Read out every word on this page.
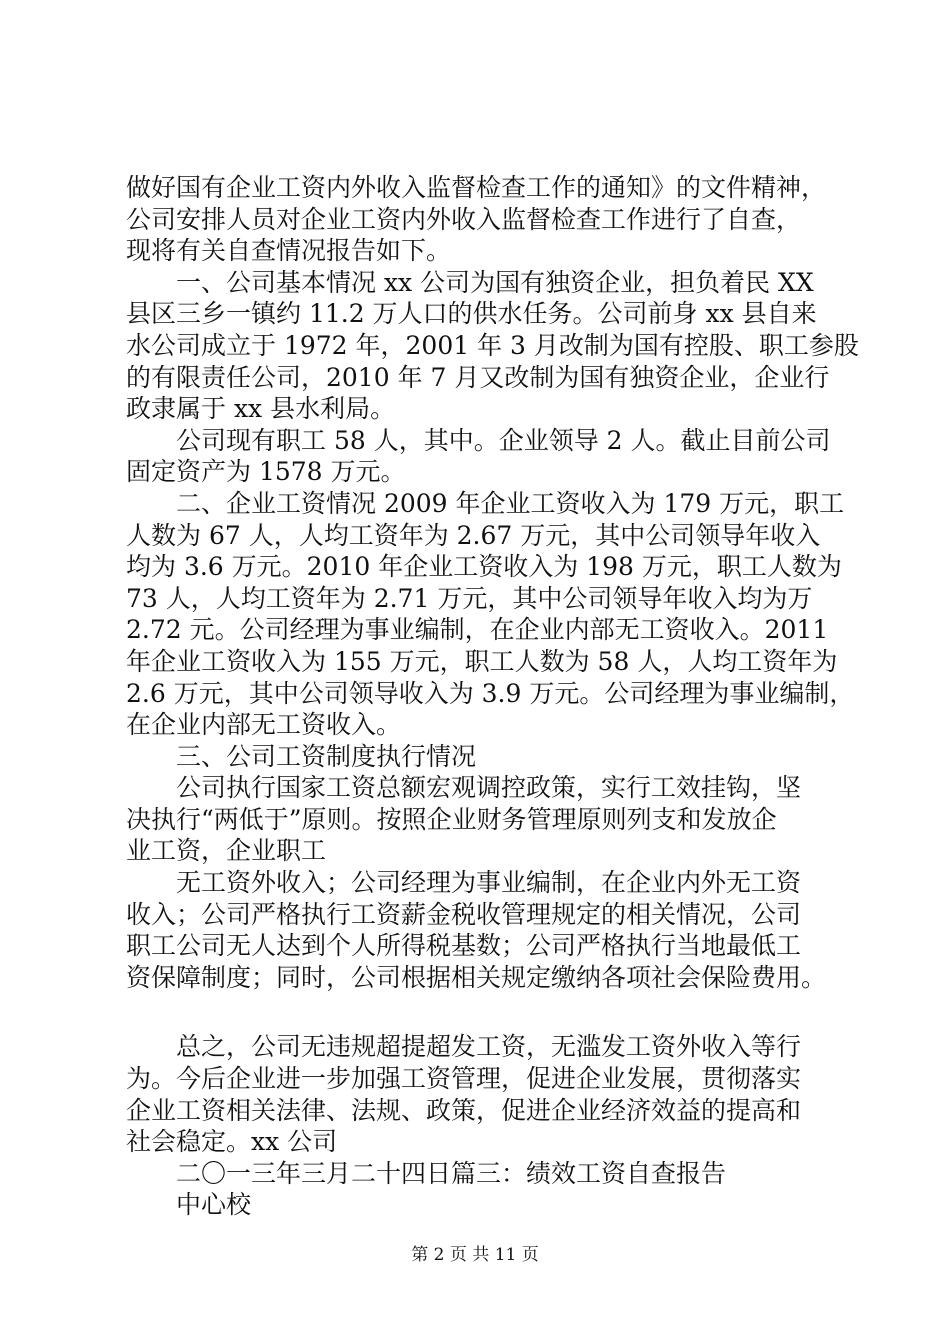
做好国有企业工资内外收入监督检查工作的通知》的文件精神，
公司安排人员对企业工资内外收入监督检查工作进行了自查，
现将有关自查情况报告如下。
　　一、公司基本情况 xx 公司为国有独资企业，担负着民 XX
县区三乡一镇约 11.2 万人口的供水任务。公司前身 xx 县自来
水公司成立于 1972 年，2001 年 3 月改制为国有控股、职工参股
的有限责任公司，2010 年 7 月又改制为国有独资企业，企业行
政隶属于 xx 县水利局。
　　公司现有职工 58 人，其中。企业领导 2 人。截止目前公司
固定资产为 1578 万元。
　　二、企业工资情况 2009 年企业工资收入为 179 万元，职工
人数为 67 人，人均工资年为 2.67 万元，其中公司领导年收入
均为 3.6 万元。2010 年企业工资收入为 198 万元，职工人数为
73 人，人均工资年为 2.71 万元，其中公司领导年收入均为万
2.72 元。公司经理为事业编制，在企业内部无工资收入。2011
年企业工资收入为 155 万元，职工人数为 58 人，人均工资年为
2.6 万元，其中公司领导收入为 3.9 万元。公司经理为事业编制，
在企业内部无工资收入。
　　三、公司工资制度执行情况
　　公司执行国家工资总额宏观调控政策，实行工效挂钩，坚
决执行“两低于”原则。按照企业财务管理原则列支和发放企
业工资，企业职工
　　无工资外收入；公司经理为事业编制，在企业内外无工资
收入；公司严格执行工资薪金税收管理规定的相关情况，公司
职工公司无人达到个人所得税基数；公司严格执行当地最低工
资保障制度；同时，公司根据相关规定缴纳各项社会保险费用。
　　总之，公司无违规超提超发工资，无滥发工资外收入等行
为。今后企业进一步加强工资管理，促进企业发展，贯彻落实
企业工资相关法律、法规、政策，促进企业经济效益的提高和
社会稳定。xx 公司
　　二〇一三年三月二十四日篇三：绩效工资自查报告
　　中心校
第 2 页 共 11 页
